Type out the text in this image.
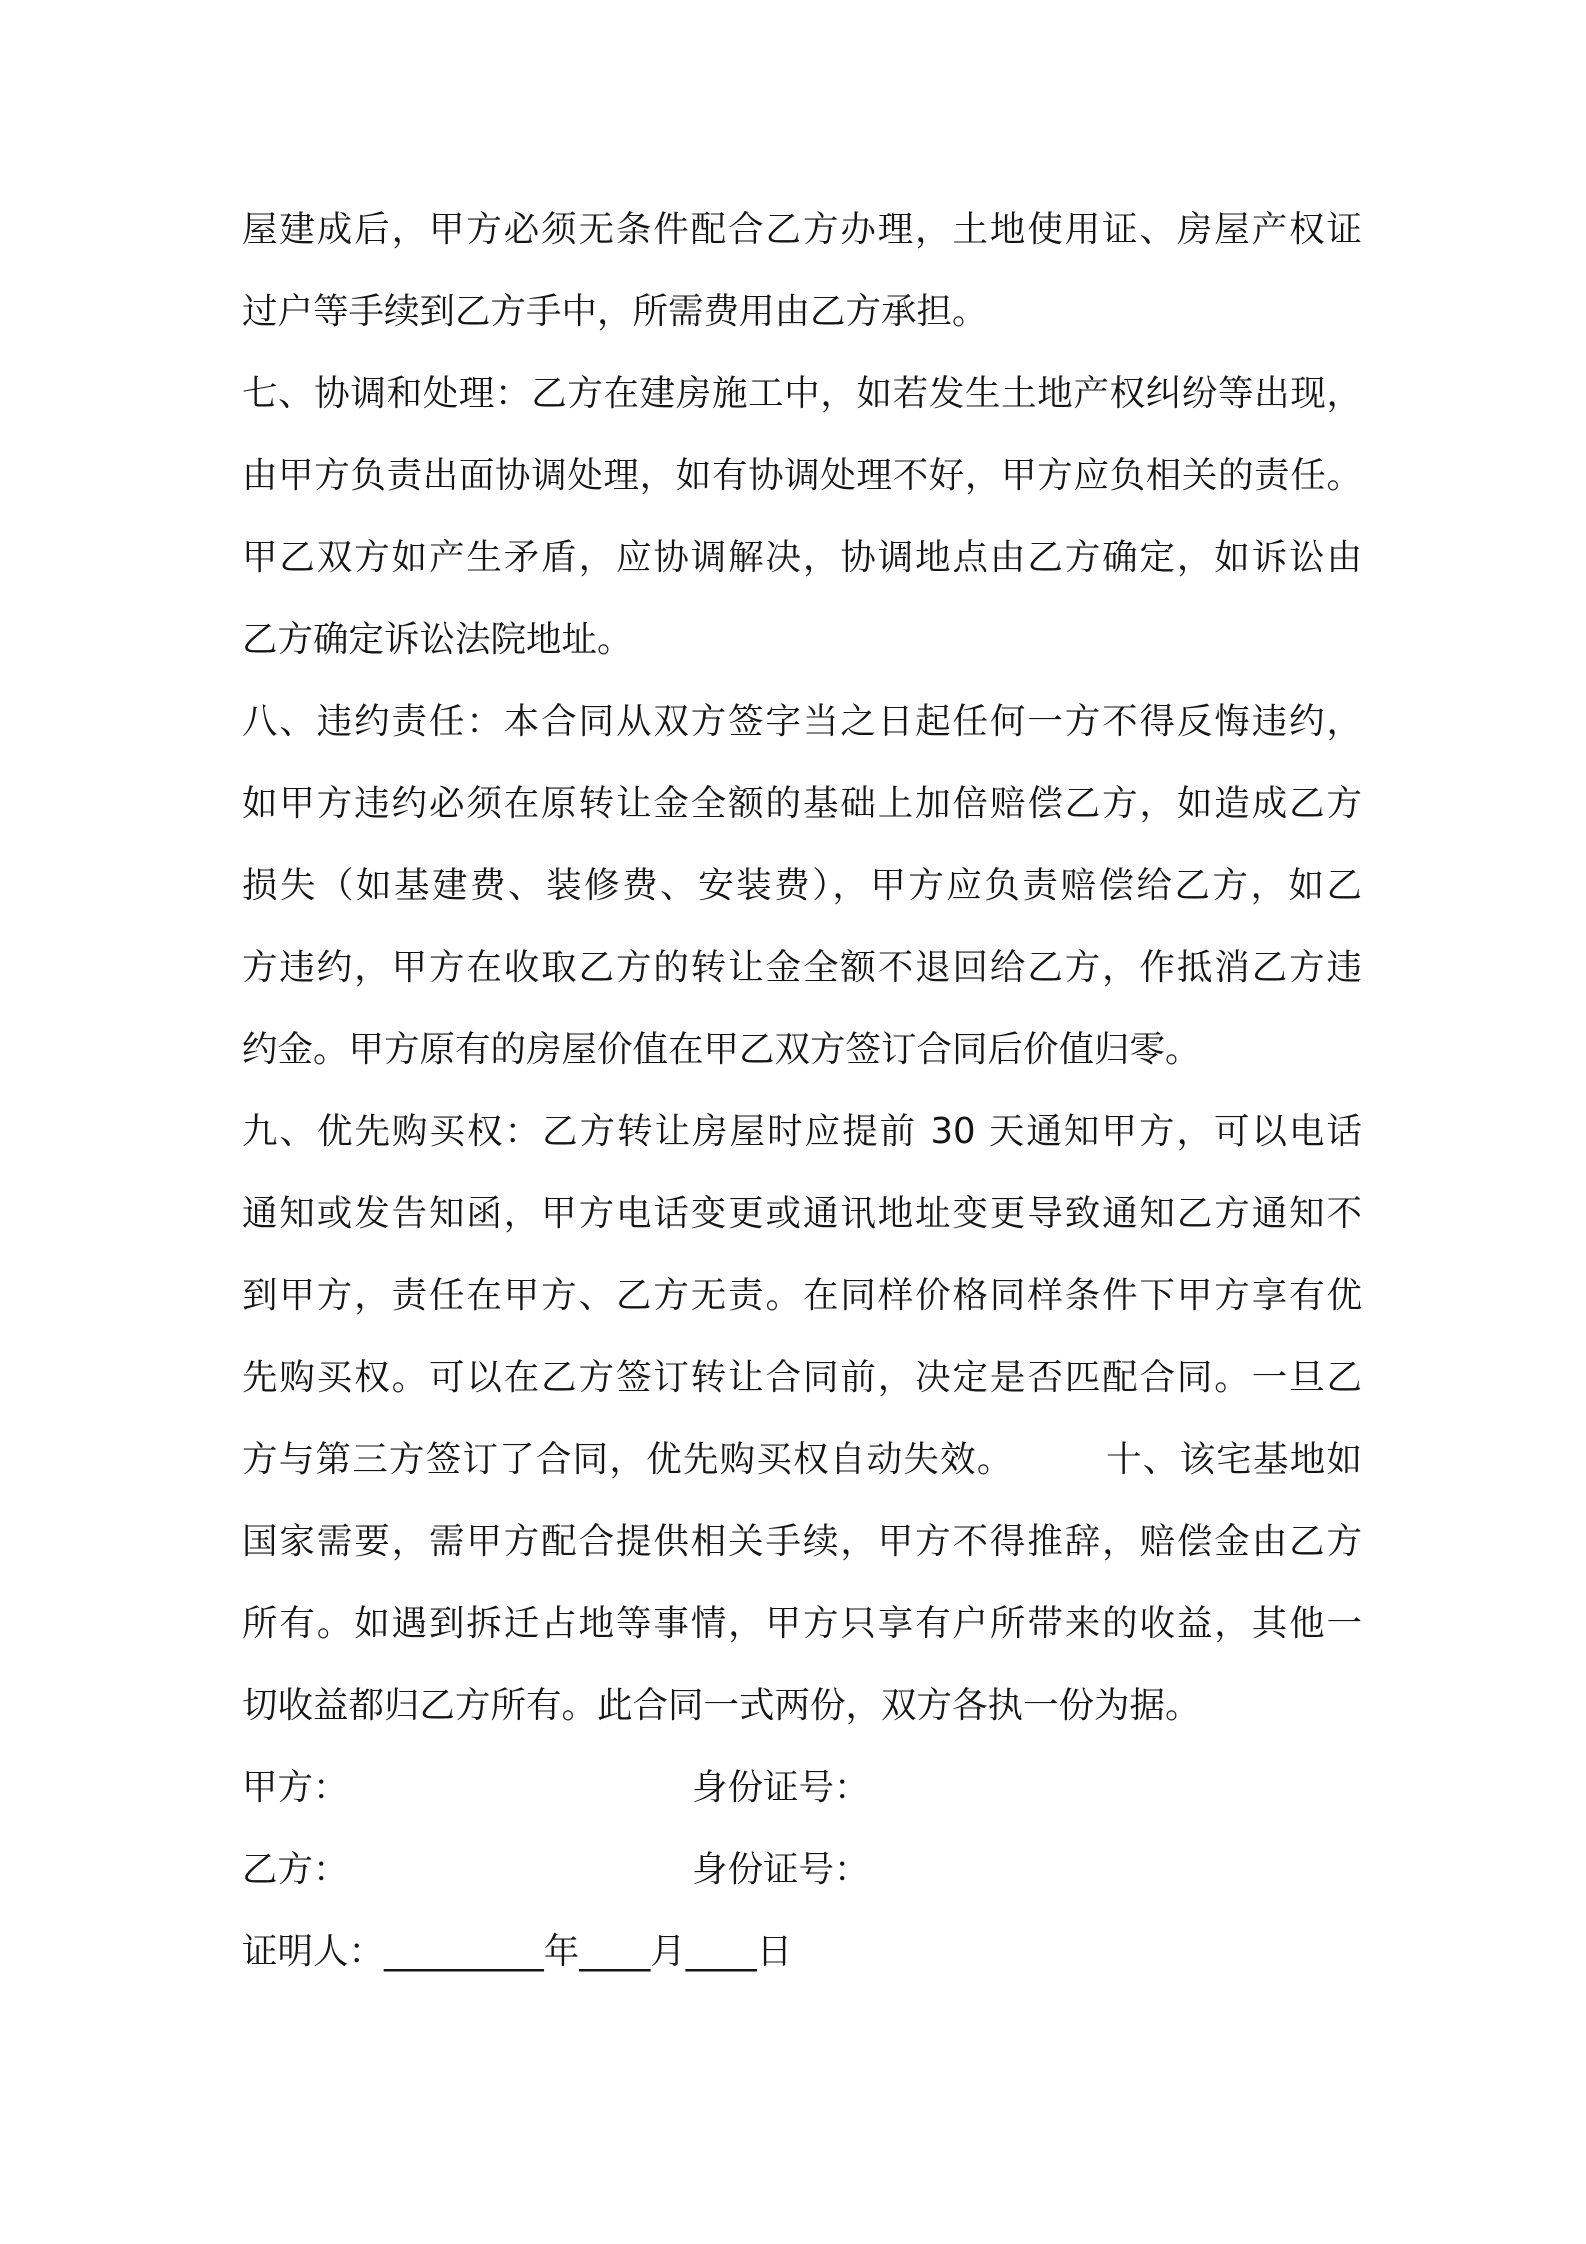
屋建成后，甲方必须无条件配合乙方办理，土地使用证、房屋产权证
过户等手续到乙方手中，所需费用由乙方承担。
七、协调和处理：乙方在建房施工中，如若发生土地产权纠纷等出现，
由甲方负责出面协调处理，如有协调处理不好，甲方应负相关的责任。
甲乙双方如产生矛盾，应协调解决，协调地点由乙方确定，如诉讼由
乙方确定诉讼法院地址。
八、违约责任：本合同从双方签字当之日起任何一方不得反悔违约，
如甲方违约必须在原转让金全额的基础上加倍赔偿乙方，如造成乙方
损失（如基建费、装修费、安装费），甲方应负责赔偿给乙方，如乙
方违约，甲方在收取乙方的转让金全额不退回给乙方，作抵消乙方违
约金。甲方原有的房屋价值在甲乙双方签订合同后价值归零。
九、优先购买权：乙方转让房屋时应提前 30 天通知甲方，可以电话
通知或发告知函，甲方电话变更或通讯地址变更导致通知乙方通知不
到甲方，责任在甲方、乙方无责。在同样价格同样条件下甲方享有优
先购买权。可以在乙方签订转让合同前，决定是否匹配合同。一旦乙
方与第三方签订了合同，优先购买权自动失效。　　　十、该宅基地如
国家需要，需甲方配合提供相关手续，甲方不得推辞，赔偿金由乙方
所有。如遇到拆迁占地等事情，甲方只享有户所带来的收益，其他一
切收益都归乙方所有。此合同一式两份，双方各执一份为据。
甲方：	身份证号：
乙方：	身份证号：
证明人：_________年____月____日
